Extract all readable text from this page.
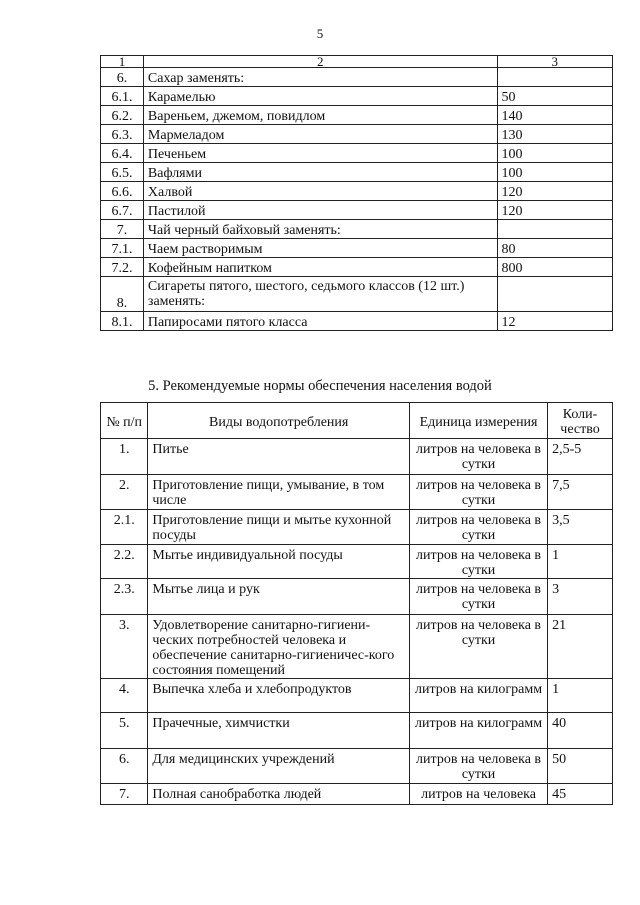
5
1	2	3
6.	Сахар заменять:	
6.1.	Карамелью	50
6.2.	Вареньем, джемом, повидлом	140
6.3.	Мармеладом	130
6.4.	Печеньем	100
6.5.	Вафлями	100
6.6.	Халвой	120
6.7.	Пастилой	120
7.	Чай черный байховый заменять:	
7.1.	Чаем растворимым	80
7.2.	Кофейным напитком	800
8.	Сигареты пятого, шестого, седьмого классов (12 шт.) заменять:	
8.1.	Папиросами пятого класса	12
5. Рекомендуемые нормы обеспечения населения водой
№ п/п	Виды водопотребления	Единица измерения	Коли-чество
1.	Питье	литров на человека в сутки	2,5-5
2.	Приготовление пищи, умывание, в том числе	литров на человека в сутки	7,5
2.1.	Приготовление пищи и мытье кухонной посуды	литров на человека в сутки	3,5
2.2.	Мытье индивидуальной посуды	литров на человека в сутки	1
2.3.	Мытье лица и рук	литров на человека в сутки	3
3.	Удовлетворение санитарно-гигиени-ческих потребностей человека и обеспечение санитарно-гигиеничес-кого состояния помещений	литров на человека в сутки	21
4.	Выпечка хлеба и хлебопродуктов	литров на килограмм	1
5.	Прачечные, химчистки	литров на килограмм	40
6.	Для медицинских учреждений	литров на человека в сутки	50
7.	Полная санобработка людей	литров на человека	45
